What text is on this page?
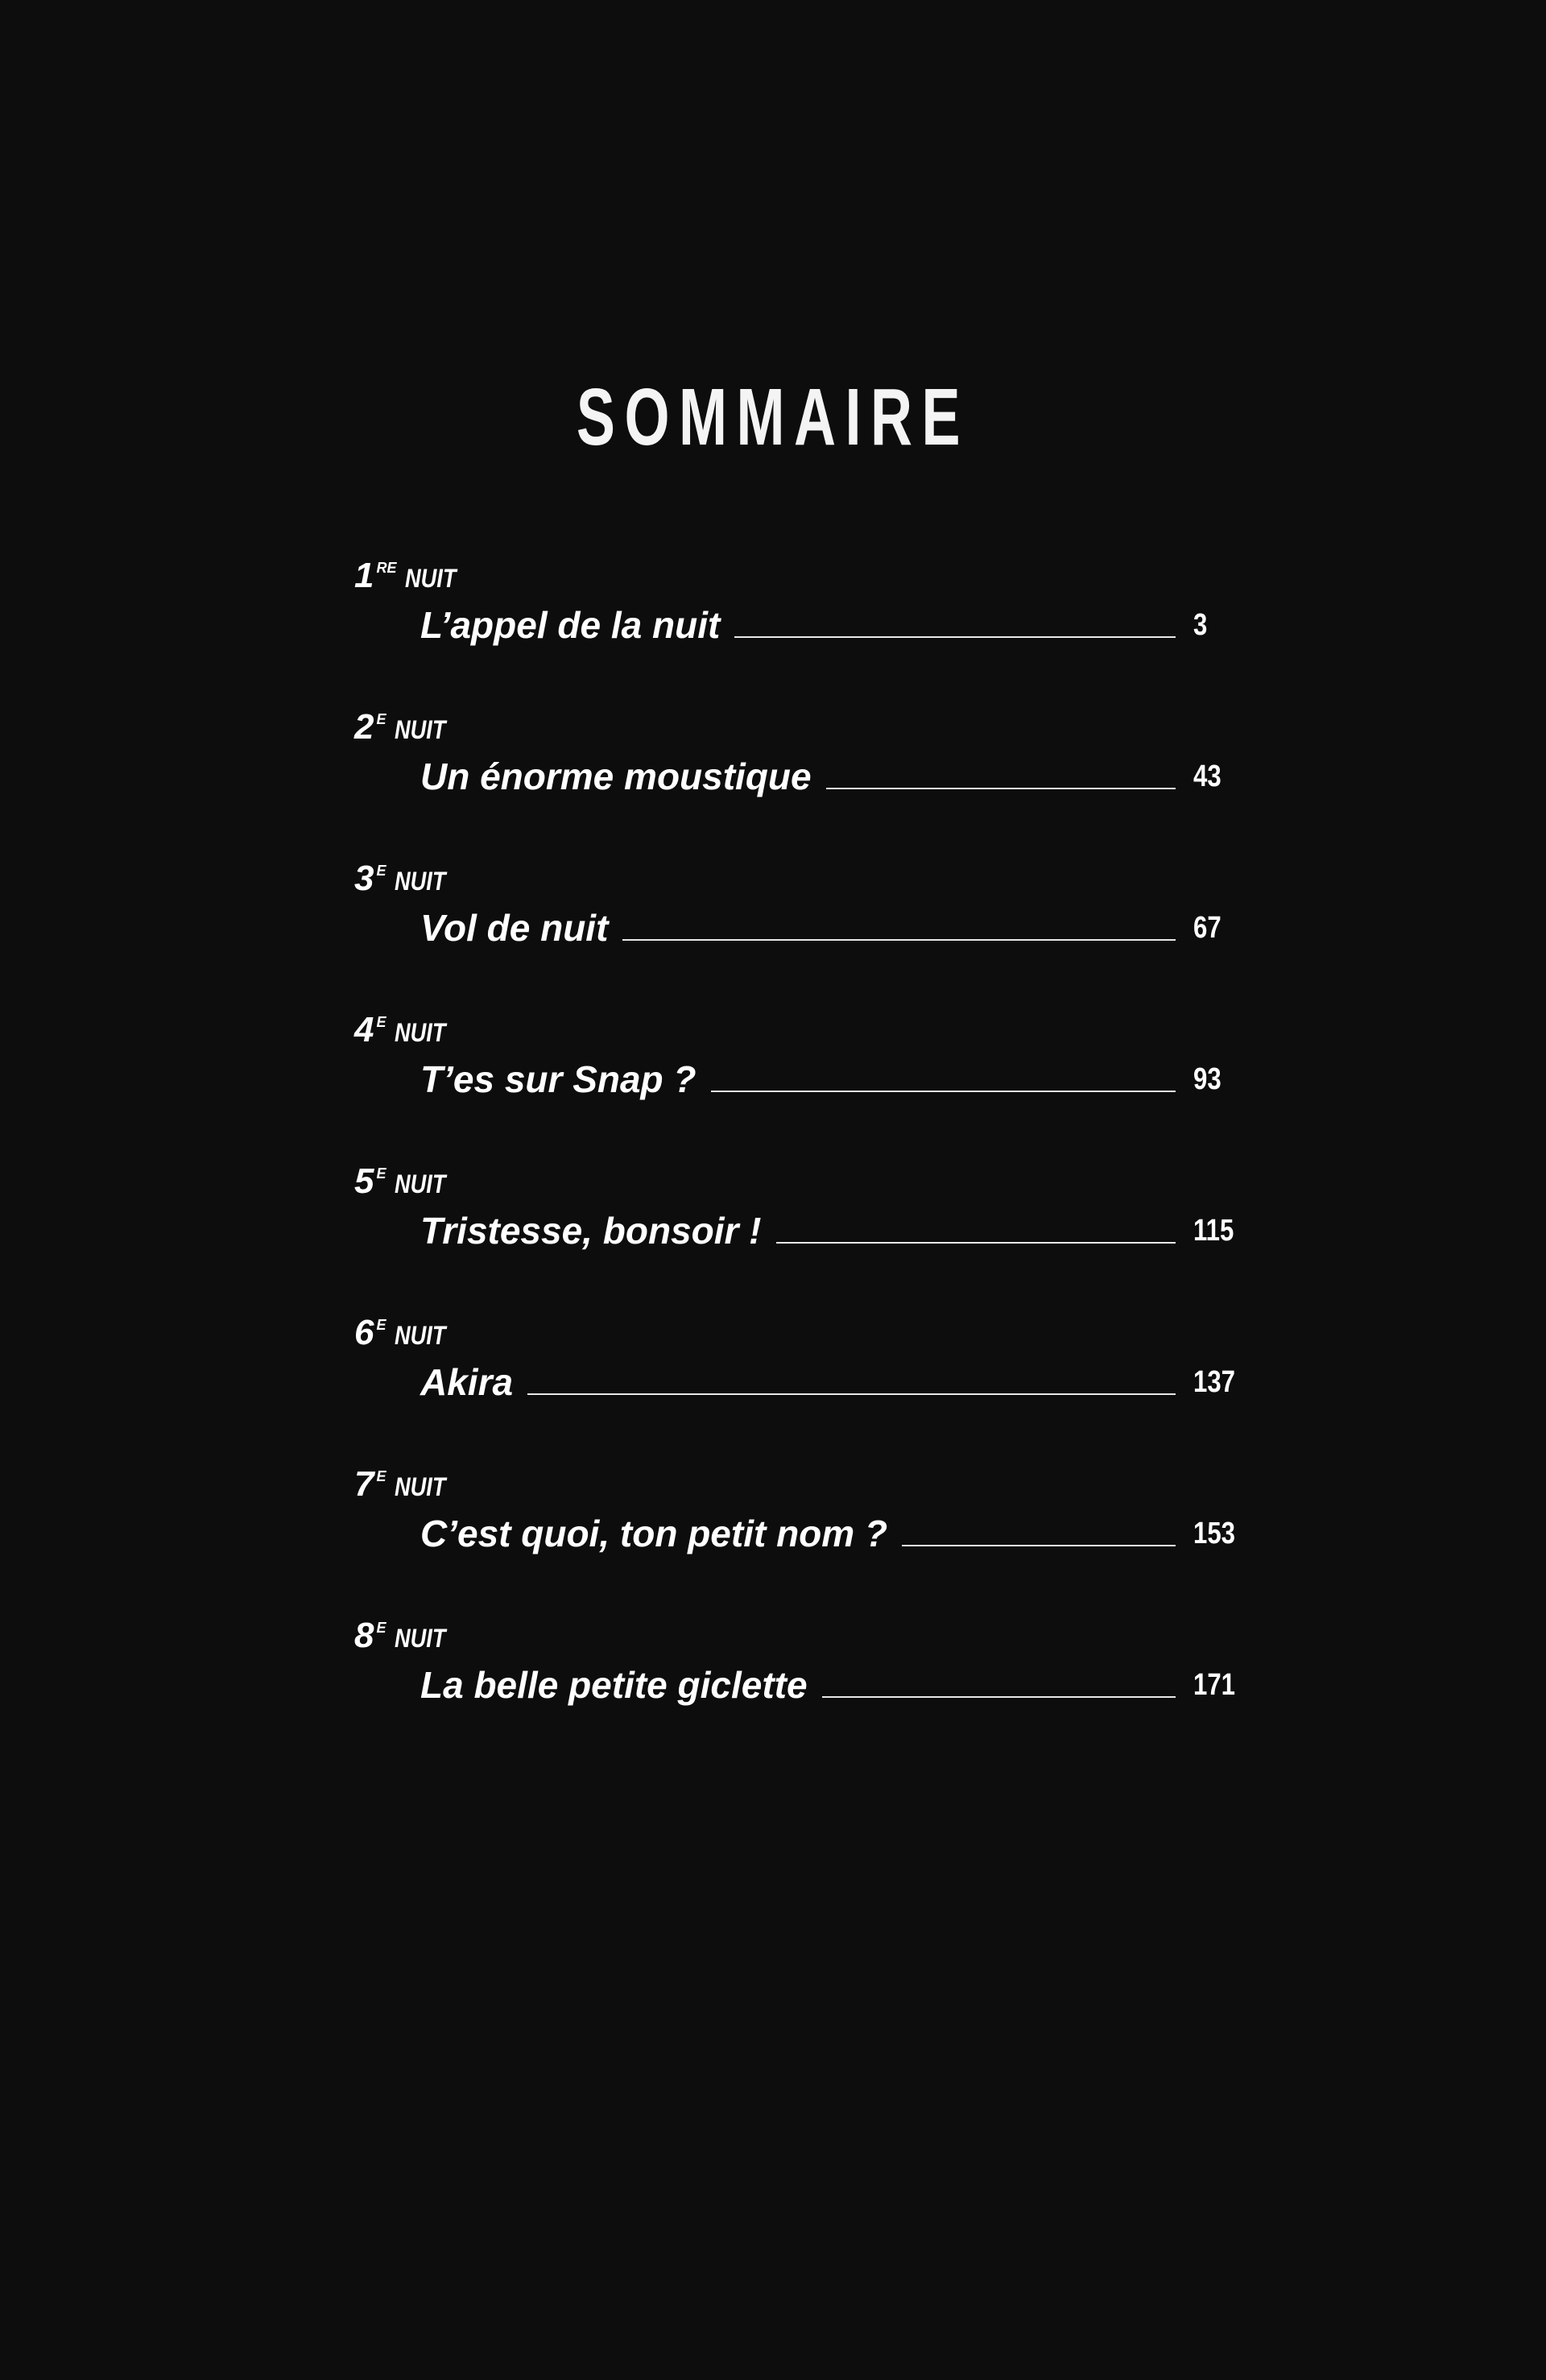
SOMMAIRE
1 RE NUIT
L’appel de la nuit	3
2 E NUIT
Un énorme moustique	43
3 E NUIT
Vol de nuit	67
4 E NUIT
T’es sur Snap ?	93
5 E NUIT
Tristesse, bonsoir !	115
6 E NUIT
Akira	137
7 E NUIT
C’est quoi, ton petit nom ?	153
8 E NUIT
La belle petite giclette	171
